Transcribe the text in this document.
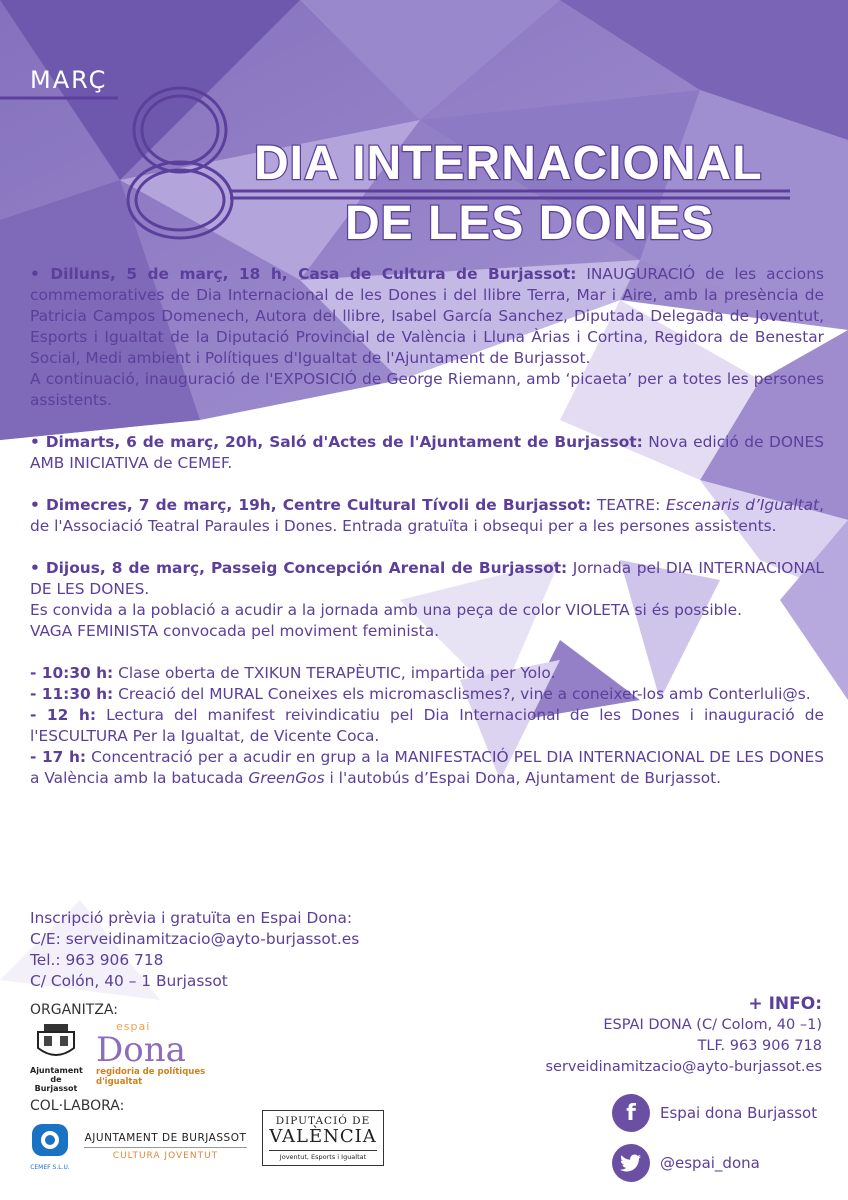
MARÇ
DIA INTERNACIONAL
DE LES DONES

• Dilluns, 5 de març, 18 h, Casa de Cultura de Burjassot: INAUGURACIÓ de les accions commemoratives de Dia Internacional de les Dones i del llibre Terra, Mar i Aire, amb la presència de Patricia Campos Domenech, Autora del llibre, Isabel García Sanchez, Diputada Delegada de Joventut, Esports i Igualtat de la Diputació Provincial de València i Lluna Àrias i Cortina, Regidora de Benestar Social, Medi ambient i Polítiques d'Igualtat de l'Ajuntament de Burjassot.

A continuació, inauguració de l'EXPOSICIÓ de George Riemann, amb ‘picaeta’ per a totes les persones assistents.

• Dimarts, 6 de març, 20h, Saló d'Actes de l'Ajuntament de Burjassot: Nova edició de DONES AMB INICIATIVA de CEMEF.

• Dimecres, 7 de març, 19h, Centre Cultural Tívoli de Burjassot: TEATRE: Escenaris d’Igualtat, de l'Associació Teatral Paraules i Dones. Entrada gratuïta i obsequi per a les persones assistents.

• Dijous, 8 de març, Passeig Concepción Arenal de Burjassot: Jornada pel DIA INTERNACIONAL DE LES DONES.

Es convida a la població a acudir a la jornada amb una peça de color VIOLETA si és possible.

VAGA FEMINISTA convocada pel moviment feminista.

- 10:30 h: Clase oberta de TXIKUN TERAPÈUTIC, impartida per Yolo.

- 11:30 h: Creació del MURAL Coneixes els micromasclismes?, vine a coneixer-los amb Conterluli@s.

- 12 h: Lectura del manifest reivindicatiu pel Dia Internacional de les Dones i inauguració de l'ESCULTURA Per la Igualtat, de Vicente Coca.

- 17 h: Concentració per a acudir en grup a la MANIFESTACIÓ PEL DIA INTERNACIONAL DE LES DONES a València amb la batucada GreenGos i l'autobús d’Espai Dona, Ajuntament de Burjassot.

Inscripció prèvia i gratuïta en Espai Dona:
C/E: serveidinamitzacio@ayto-burjassot.es
Tel.: 963 906 718
C/ Colón, 40 – 1 Burjassot
ORGANITZA:
Ajuntament
de Burjassot
espai
Dona
regidoria de polítiques
d'igualtat
COL·LABORA:
CEMEF S.L.U.
AJUNTAMENT DE BURJASSOT
CULTURA JOVENTUT
DIPUTACIÓ DE
VALÈNCIA
Joventut, Esports i Igualtat
+ INFO:
ESPAI DONA (C/ Colom, 40 –1)
TLF. 963 906 718
serveidinamitzacio@ayto-burjassot.es
f	Espai dona Burjassot
@espai_dona
